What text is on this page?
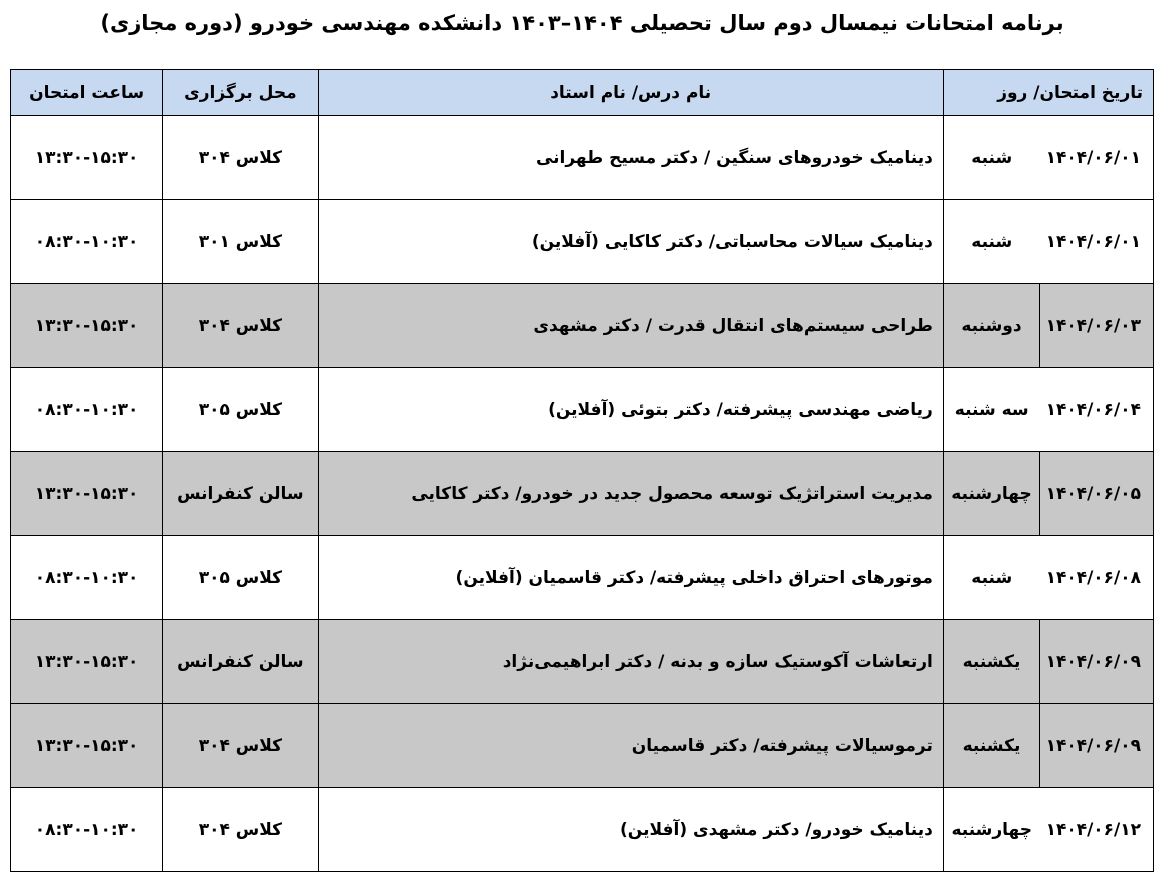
برنامه امتحانات نیمسال دوم سال تحصیلی ۱۴۰۴–۱۴۰۳ دانشکده مهندسی خودرو (دوره مجازی)
تاریخ امتحان/ روز		نام درس/ نام استاد	محل برگزاری	ساعت امتحان
۱۴۰۴/۰۶/۰۱	شنبه	دینامیک خودروهای سنگین / دکتر مسیح طهرانی	کلاس ۳۰۴	۱۳:۳۰-۱۵:۳۰
۱۴۰۴/۰۶/۰۱	شنبه	دینامیک سیالات محاسباتی/ دکتر کاکایی (آفلاین)	کلاس ۳۰۱	۰۸:۳۰-۱۰:۳۰
۱۴۰۴/۰۶/۰۳	دوشنبه	طراحی سیستم‌های انتقال قدرت / دکتر مشهدی	کلاس ۳۰۴	۱۳:۳۰-۱۵:۳۰
۱۴۰۴/۰۶/۰۴	سه شنبه	ریاضی مهندسی پیشرفته/ دکتر بتوئی (آفلاین)	کلاس ۳۰۵	۰۸:۳۰-۱۰:۳۰
۱۴۰۴/۰۶/۰۵	چهارشنبه	مدیریت استراتژیک توسعه محصول جدید در خودرو/ دکتر کاکایی	سالن کنفرانس	۱۳:۳۰-۱۵:۳۰
۱۴۰۴/۰۶/۰۸	شنبه	موتورهای احتراق داخلی پیشرفته/ دکتر قاسمیان (آفلاین)	کلاس ۳۰۵	۰۸:۳۰-۱۰:۳۰
۱۴۰۴/۰۶/۰۹	یکشنبه	ارتعاشات آکوستیک سازه و بدنه / دکتر ابراهیمی‌نژاد	سالن کنفرانس	۱۳:۳۰-۱۵:۳۰
۱۴۰۴/۰۶/۰۹	یکشنبه	ترموسیالات پیشرفته/ دکتر قاسمیان	کلاس ۳۰۴	۱۳:۳۰-۱۵:۳۰
۱۴۰۴/۰۶/۱۲	چهارشنبه	دینامیک خودرو/ دکتر مشهدی (آفلاین)	کلاس ۳۰۴	۰۸:۳۰-۱۰:۳۰
